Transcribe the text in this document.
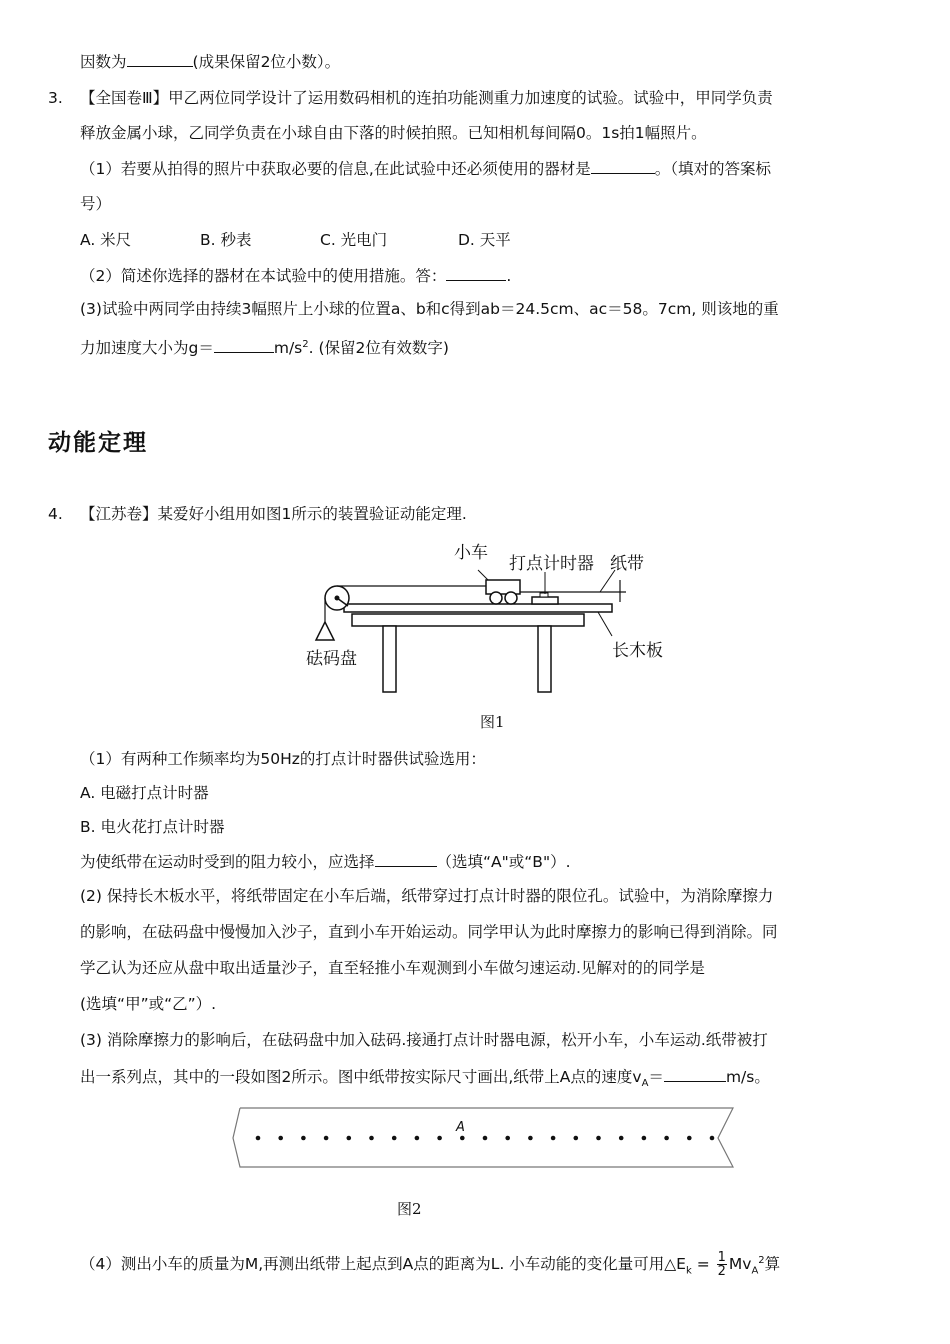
因数为	(成果保留2位小数）。
3. 【全国卷Ⅲ】甲乙两位同学设计了运用数码相机的连拍功能测重力加速度的试验。试验中，甲同学负责
释放金属小球，乙同学负责在小球自由下落的时候拍照。已知相机每间隔0。1s拍1幅照片。
（1）若要从拍得的照片中获取必要的信息,在此试验中还必须使用的器材是	。（填对的答案标
号）
A. 米尺	B. 秒表	C. 光电门	D. 天平
（2）简述你选择的器材在本试验中的使用措施。答：	.
(3)试验中两同学由持续3幅照片上小球的位置a、b和c得到ab＝24.5cm、ac＝58。7cm, 则该地的重
力加速度大小为g＝	$m/s^2$. (保留2位有效数字)
动能定理
4. 【江苏卷】某爱好小组用如图1所示的装置验证动能定理.
小车
打点计时器 纸带
砝码盘	长木板
图1
（1）有两种工作频率均为50Hz的打点计时器供试验选用：
A. 电磁打点计时器
B. 电火花打点计时器
为使纸带在运动时受到的阻力较小，应选择	（选填“A"或“B"）.
(2) 保持长木板水平，将纸带固定在小车后端，纸带穿过打点计时器的限位孔。试验中，为消除摩擦力
的影响，在砝码盘中慢慢加入沙子，直到小车开始运动。同学甲认为此时摩擦力的影响已得到消除。同
学乙认为还应从盘中取出适量沙子，直至轻推小车观测到小车做匀速运动.见解对的的同学是
(选填“甲”或“乙”）.
(3) 消除摩擦力的影响后，在砝码盘中加入砝码.接通打点计时器电源，松开小车，小车运动.纸带被打
出一系列点，其中的一段如图2所示。图中纸带按实际尺寸画出,纸带上A点的速度$v_A=$	m/s。
A
图2
（4）测出小车的质量为M,再测出纸带上起点到A点的距离为L. 小车动能的变化量可用$\triangle E_k = \frac{1}{2} Mv_A^2$算
